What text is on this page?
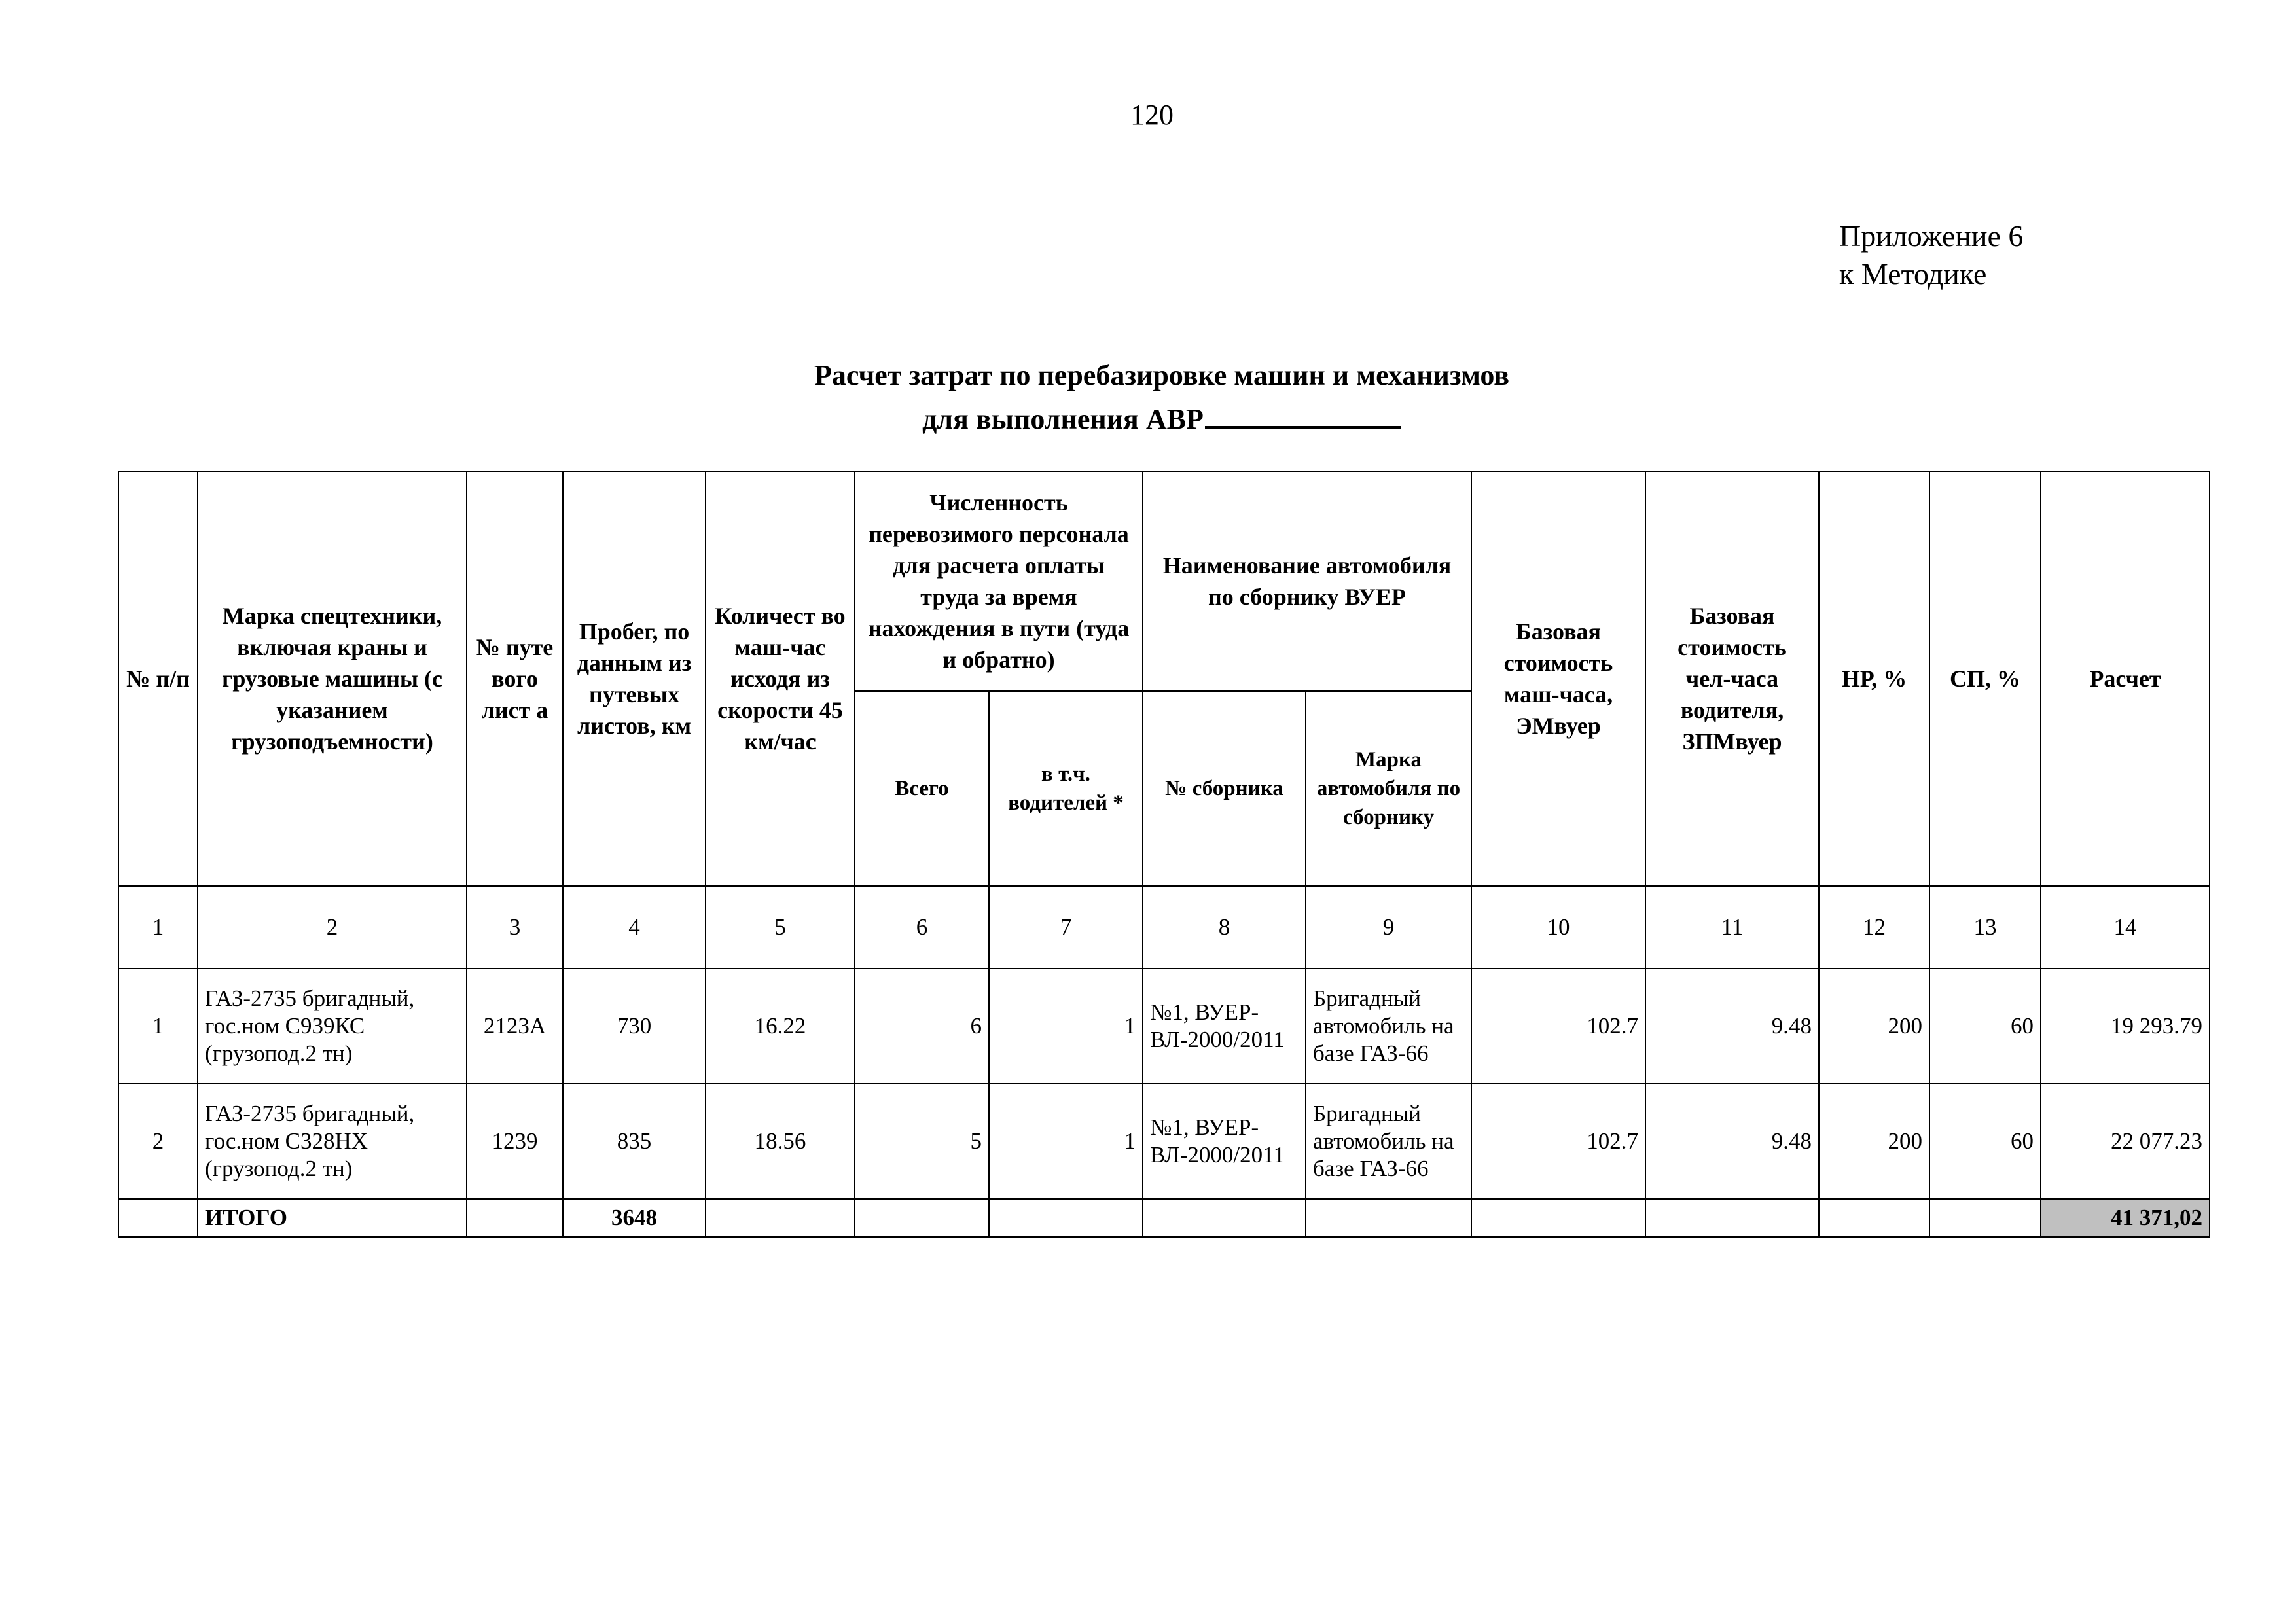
120
Приложение 6
к Методике
Расчет затрат по перебазировке машин и механизмов
для выполнения АВР
№ п/п	Марка спецтехники, включая краны и грузовые машины (с указанием грузоподъемности)	№ путе вого лист а	Пробег, по данным из путевых листов, км	Количест во маш-час исходя из скорости 45 км/час	Численность перевозимого персонала для расчета оплаты труда за время нахождения в пути (туда и обратно)		Наименование автомобиля по сборнику ВУЕР		Базовая стоимость маш-часа, ЭМвуер	Базовая стоимость чел-часа водителя, ЗПМвуер	НР, %	СП, %	Расчет
					Всего	в т.ч. водителей *	№ сборника	Марка автомобиля по сборнику					
1	2	3	4	5	6	7	8	9	10	11	12	13	14
1	ГАЗ-2735 бригадный, гос.ном С939КС (грузопод.2 тн)	2123А	730	16.22	6	1	№1, ВУЕР-ВЛ-2000/2011	Бригадный автомобиль на базе ГАЗ-66	102.7	9.48	200	60	19 293.79
2	ГАЗ-2735 бригадный, гос.ном С328НХ (грузопод.2 тн)	1239	835	18.56	5	1	№1, ВУЕР-ВЛ-2000/2011	Бригадный автомобиль на базе ГАЗ-66	102.7	9.48	200	60	22 077.23
	ИТОГО		3648										41 371,02
